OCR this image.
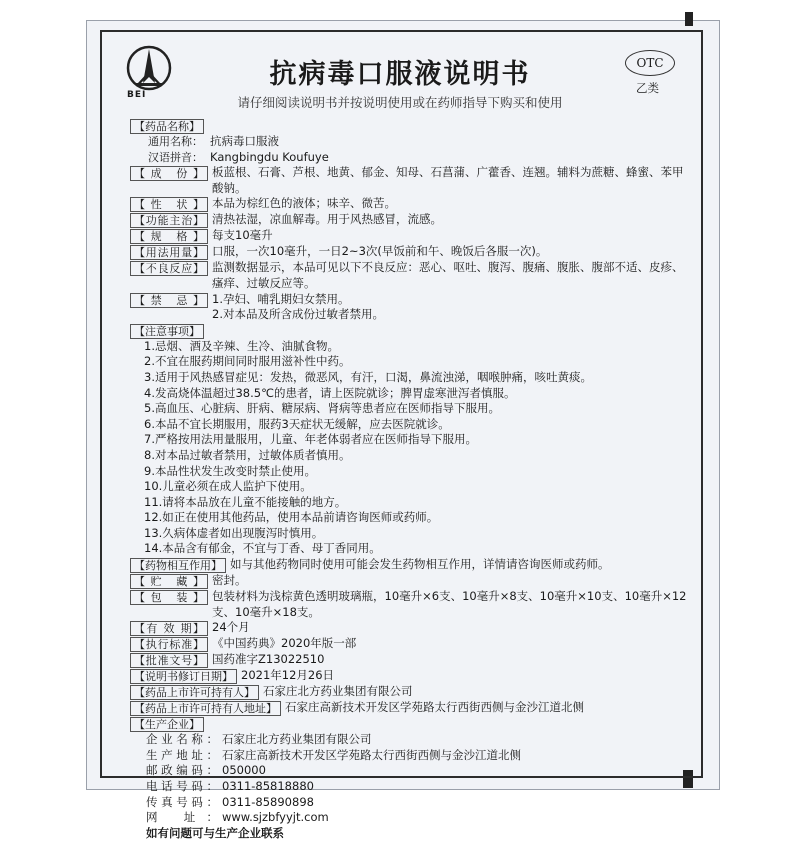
BEI
抗病毒口服液说明书
请仔细阅读说明书并按说明使用或在药师指导下购买和使用
OTC
乙类
【药品名称】
通用名称： 抗病毒口服液
汉语拼音： Kangbingdu Koufuye
【成 份】 板蓝根、石膏、芦根、地黄、郁金、知母、石菖蒲、广藿香、连翘。辅料为蔗糖、蜂蜜、苯甲酸钠。
【性 状】 本品为棕红色的液体；味辛、微苦。
【功能主治】 清热祛湿，凉血解毒。用于风热感冒，流感。
【规 格】 每支10毫升
【用法用量】 口服，一次10毫升，一日2~3次(早饭前和午、晚饭后各服一次)。
【不良反应】 监测数据显示，本品可见以下不良反应：恶心、呕吐、腹泻、腹痛、腹胀、腹部不适、皮疹、瘙痒、过敏反应等。
【禁 忌】 1.孕妇、哺乳期妇女禁用。
2.对本品及所含成份过敏者禁用。
【注意事项】
1.忌烟、酒及辛辣、生冷、油腻食物。
2.不宜在服药期间同时服用滋补性中药。
3.适用于风热感冒症见：发热，微恶风，有汗，口渴，鼻流浊涕，咽喉肿痛，咳吐黄痰。
4.发高烧体温超过38.5℃的患者，请上医院就诊；脾胃虚寒泄泻者慎服。
5.高血压、心脏病、肝病、糖尿病、肾病等患者应在医师指导下服用。
6.本品不宜长期服用，服药3天症状无缓解，应去医院就诊。
7.严格按用法用量服用，儿童、年老体弱者应在医师指导下服用。
8.对本品过敏者禁用，过敏体质者慎用。
9.本品性状发生改变时禁止使用。
10.儿童必须在成人监护下使用。
11.请将本品放在儿童不能接触的地方。
12.如正在使用其他药品，使用本品前请咨询医师或药师。
13.久病体虚者如出现腹泻时慎用。
14.本品含有郁金，不宜与丁香、母丁香同用。
【药物相互作用】 如与其他药物同时使用可能会发生药物相互作用，详情请咨询医师或药师。
【贮 藏】 密封。
【包 装】 包装材料为浅棕黄色透明玻璃瓶，10毫升×6支、10毫升×8支、10毫升×10支、10毫升×12支、10毫升×18支。
【有 效 期】 24个月
【执行标准】 《中国药典》2020年版一部
【批准文号】 国药准字Z13022510
【说明书修订日期】 2021年12月26日
【药品上市许可持有人】 石家庄北方药业集团有限公司
【药品上市许可持有人地址】 石家庄高新技术开发区学苑路太行西街西侧与金沙江道北侧
【生产企业】
企业名称： 石家庄北方药业集团有限公司
生产地址： 石家庄高新技术开发区学苑路太行西街西侧与金沙江道北侧
邮政编码： 050000
电话号码： 0311-85818880
传真号码： 0311-85890898
网 址： www.sjzbfyyjt.com
如有问题可与生产企业联系
